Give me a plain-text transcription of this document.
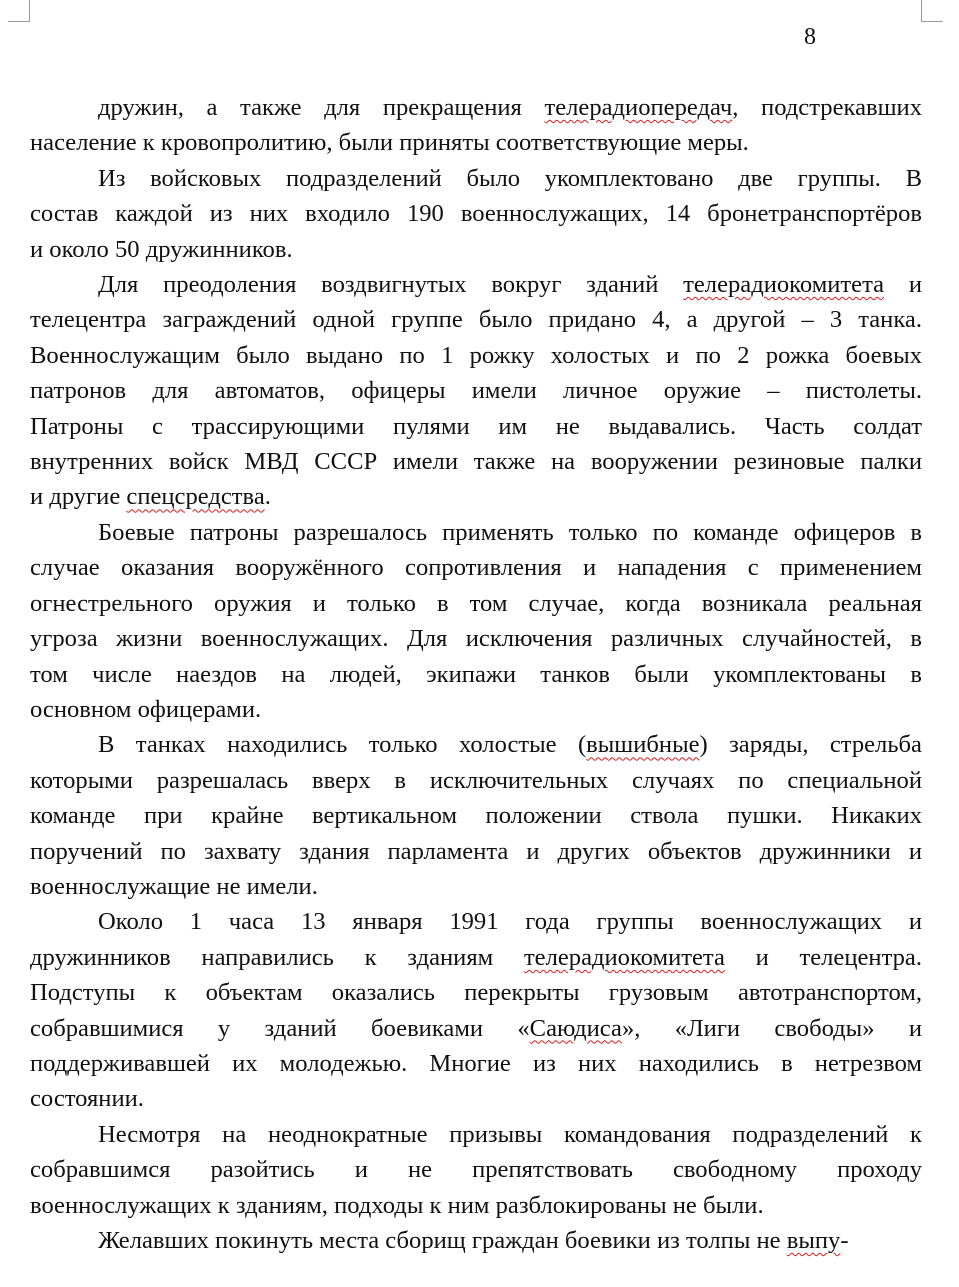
8
дружин, а также для прекращения телерадиопередач, подстрекавших
население к кровопролитию, были приняты соответствующие меры.
Из войсковых подразделений было укомплектовано две группы. В
состав каждой из них входило 190 военнослужащих, 14 бронетранспортёров
и около 50 дружинников.
Для преодоления воздвигнутых вокруг зданий телерадиокомитета и
телецентра заграждений одной группе было придано 4, а другой – 3 танка.
Военнослужащим было выдано по 1 рожку холостых и по 2 рожка боевых
патронов для автоматов, офицеры имели личное оружие – пистолеты.
Патроны с трассирующими пулями им не выдавались. Часть солдат
внутренних войск МВД СССР имели также на вооружении резиновые палки
и другие спецсредства.
Боевые патроны разрешалось применять только по команде офицеров в
случае оказания вооружённого сопротивления и нападения с применением
огнестрельного оружия и только в том случае, когда возникала реальная
угроза жизни военнослужащих. Для исключения различных случайностей, в
том числе наездов на людей, экипажи танков были укомплектованы в
основном офицерами.
В танках находились только холостые (вышибные) заряды, стрельба
которыми разрешалась вверх в исключительных случаях по специальной
команде при крайне вертикальном положении ствола пушки. Никаких
поручений по захвату здания парламента и других объектов дружинники и
военнослужащие не имели.
Около 1 часа 13 января 1991 года группы военнослужащих и
дружинников направились к зданиям телерадиокомитета и телецентра.
Подступы к объектам оказались перекрыты грузовым автотранспортом,
собравшимися у зданий боевиками «Саюдиса», «Лиги свободы» и
поддерживавшей их молодежью. Многие из них находились в нетрезвом
состоянии.
Несмотря на неоднократные призывы командования подразделений к
собравшимся разойтись и не препятствовать свободному проходу
военнослужащих к зданиям, подходы к ним разблокированы не были.
Желавших покинуть места сборищ граждан боевики из толпы не выпу-
